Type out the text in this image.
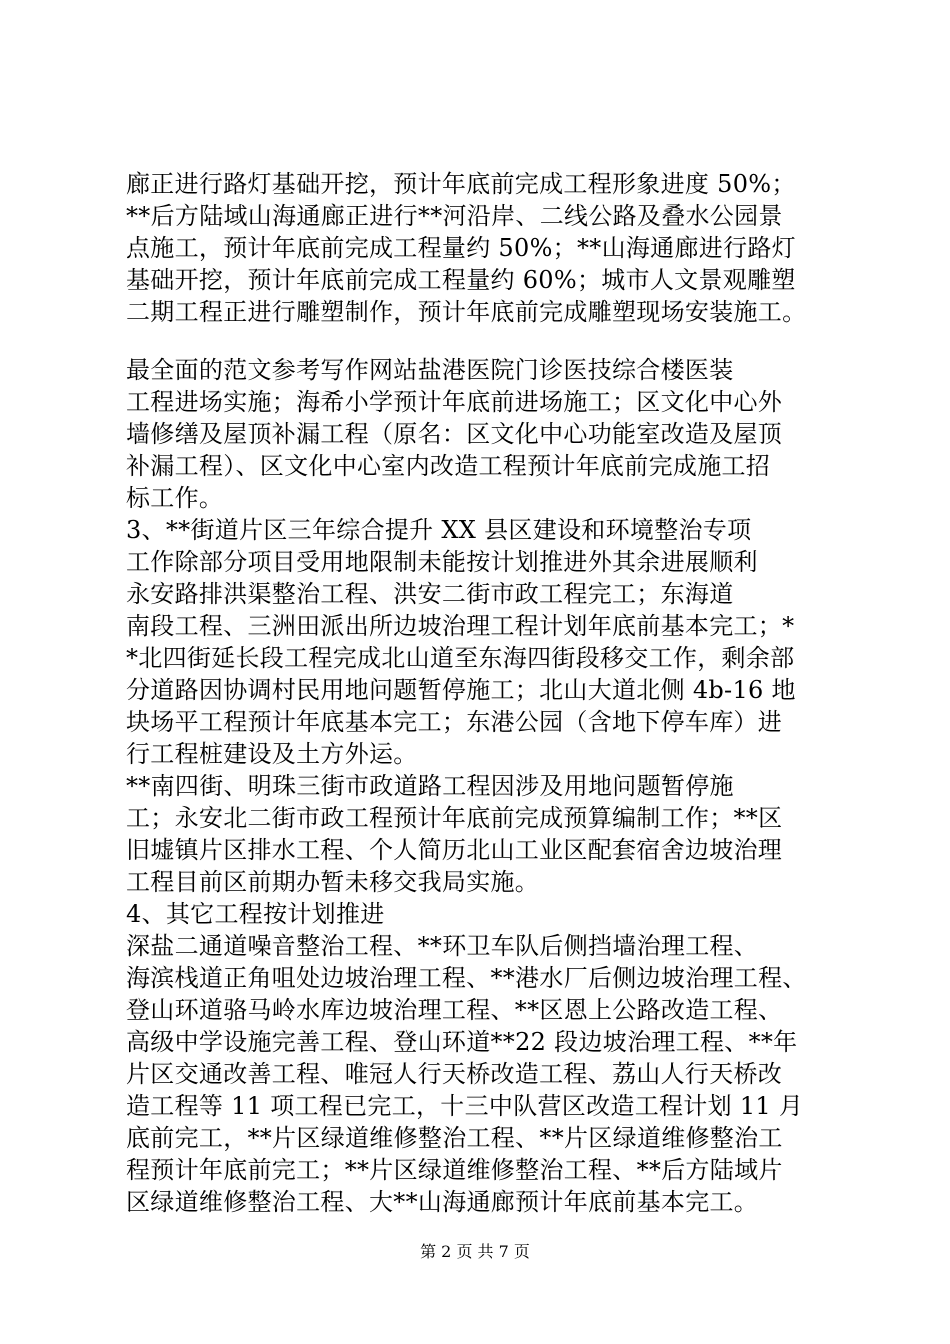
廊正进行路灯基础开挖，预计年底前完成工程形象进度 50%；
**后方陆域山海通廊正进行**河沿岸、二线公路及叠水公园景
点施工，预计年底前完成工程量约 50%；**山海通廊进行路灯
基础开挖，预计年底前完成工程量约 60%；城市人文景观雕塑
二期工程正进行雕塑制作，预计年底前完成雕塑现场安装施工。
最全面的范文参考写作网站盐港医院门诊医技综合楼医装
工程进场实施；海希小学预计年底前进场施工；区文化中心外
墙修缮及屋顶补漏工程（原名：区文化中心功能室改造及屋顶
补漏工程）、区文化中心室内改造工程预计年底前完成施工招
标工作。
3、**街道片区三年综合提升 XX 县区建设和环境整治专项
工作除部分项目受用地限制未能按计划推进外其余进展顺利
永安路排洪渠整治工程、洪安二街市政工程完工；东海道
南段工程、三洲田派出所边坡治理工程计划年底前基本完工；*
*北四街延长段工程完成北山道至东海四街段移交工作，剩余部
分道路因协调村民用地问题暂停施工；北山大道北侧 4b-16 地
块场平工程预计年底基本完工；东港公园（含地下停车库）进
行工程桩建设及土方外运。
**南四街、明珠三街市政道路工程因涉及用地问题暂停施
工；永安北二街市政工程预计年底前完成预算编制工作；**区
旧墟镇片区排水工程、个人简历北山工业区配套宿舍边坡治理
工程目前区前期办暂未移交我局实施。
4、其它工程按计划推进
深盐二通道噪音整治工程、**环卫车队后侧挡墙治理工程、
海滨栈道正角咀处边坡治理工程、**港水厂后侧边坡治理工程、
登山环道骆马岭水库边坡治理工程、**区恩上公路改造工程、
高级中学设施完善工程、登山环道**22 段边坡治理工程、**年
片区交通改善工程、唯冠人行天桥改造工程、荔山人行天桥改
造工程等 11 项工程已完工，十三中队营区改造工程计划 11 月
底前完工，**片区绿道维修整治工程、**片区绿道维修整治工
程预计年底前完工；**片区绿道维修整治工程、**后方陆域片
区绿道维修整治工程、大**山海通廊预计年底前基本完工。
第 2 页 共 7 页
